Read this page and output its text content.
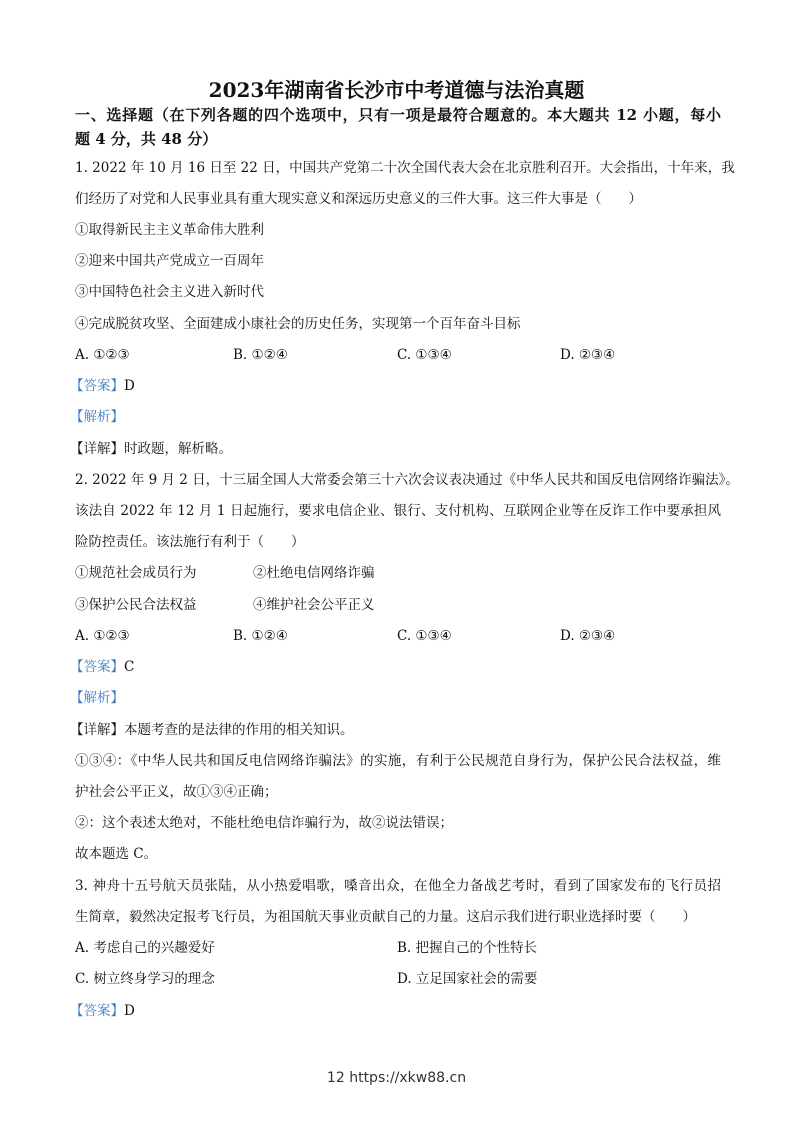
2023年湖南省长沙市中考道德与法治真题
一、选择题（在下列各题的四个选项中，只有一项是最符合题意的。本大题共 12 小题，每小
题 4 分，共 48 分）
1. 2022 年 10 月 16 日至 22 日，中国共产党第二十次全国代表大会在北京胜利召开。大会指出，十年来，我
们经历了对党和人民事业具有重大现实意义和深远历史意义的三件大事。这三件大事是（　　）
①取得新民主主义革命伟大胜利
②迎来中国共产党成立一百周年
③中国特色社会主义进入新时代
④完成脱贫攻坚、全面建成小康社会的历史任务，实现第一个百年奋斗目标
A. ①②③	B. ①②④	C. ①③④	D. ②③④
【答案】D
【解析】
【详解】时政题，解析略。
2. 2022 年 9 月 2 日，十三届全国人大常委会第三十六次会议表决通过《中华人民共和国反电信网络诈骗法》。
该法自 2022 年 12 月 1 日起施行，要求电信企业、银行、支付机构、互联网企业等在反诈工作中要承担风
险防控责任。该法施行有利于（　　）
①规范社会成员行为	②杜绝电信网络诈骗
③保护公民合法权益	④维护社会公平正义
A. ①②③	B. ①②④	C. ①③④	D. ②③④
【答案】C
【解析】
【详解】本题考查的是法律的作用的相关知识。
①③④：《中华人民共和国反电信网络诈骗法》的实施，有利于公民规范自身行为，保护公民合法权益，维
护社会公平正义，故①③④正确；
②：这个表述太绝对，不能杜绝电信诈骗行为，故②说法错误；
故本题选 C。
3. 神舟十五号航天员张陆，从小热爱唱歌，嗓音出众，在他全力备战艺考时，看到了国家发布的飞行员招
生简章，毅然决定报考飞行员，为祖国航天事业贡献自己的力量。这启示我们进行职业选择时要（　　）
A. 考虑自己的兴趣爱好	B. 把握自己的个性特长
C. 树立终身学习的理念	D. 立足国家社会的需要
【答案】D
12 https://xkw88.cn
